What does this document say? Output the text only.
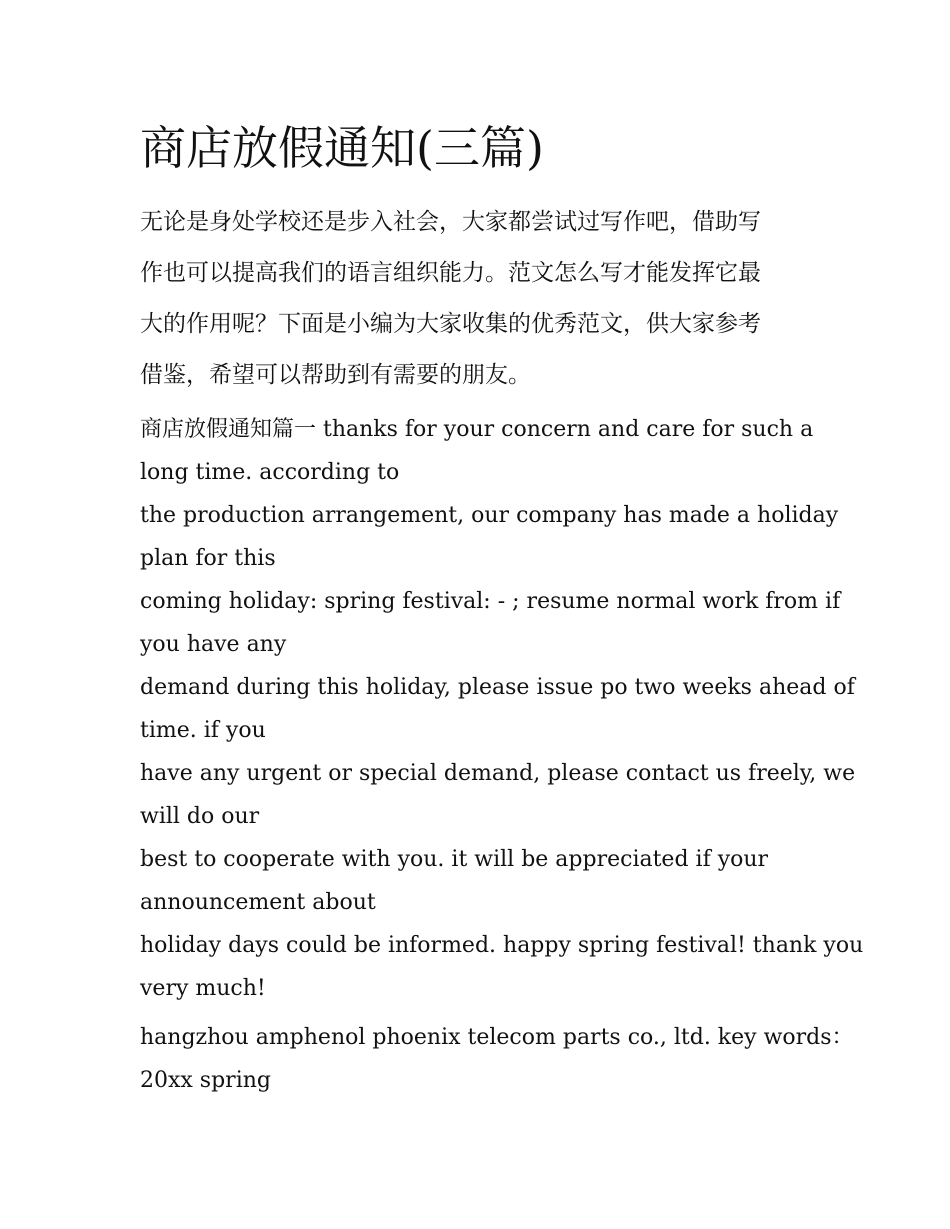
商店放假通知(三篇)
无论是身处学校还是步入社会，大家都尝试过写作吧，借助写
作也可以提高我们的语言组织能力。范文怎么写才能发挥它最
大的作用呢？下面是小编为大家收集的优秀范文，供大家参考
借鉴，希望可以帮助到有需要的朋友。

商店放假通知篇一 thanks for your concern and care for such a

long time. according to

the production arrangement, our company has made a holiday

plan for this

coming holiday: spring festival: - ; resume normal work from if

you have any

demand during this holiday, please issue po two weeks ahead of

time. if you

have any urgent or special demand, please contact us freely, we

will do our

best to cooperate with you. it will be appreciated if your

announcement about

holiday days could be informed. happy spring festival! thank you

very much!

hangzhou amphenol phoenix telecom parts co., ltd. key words：

20xx spring
